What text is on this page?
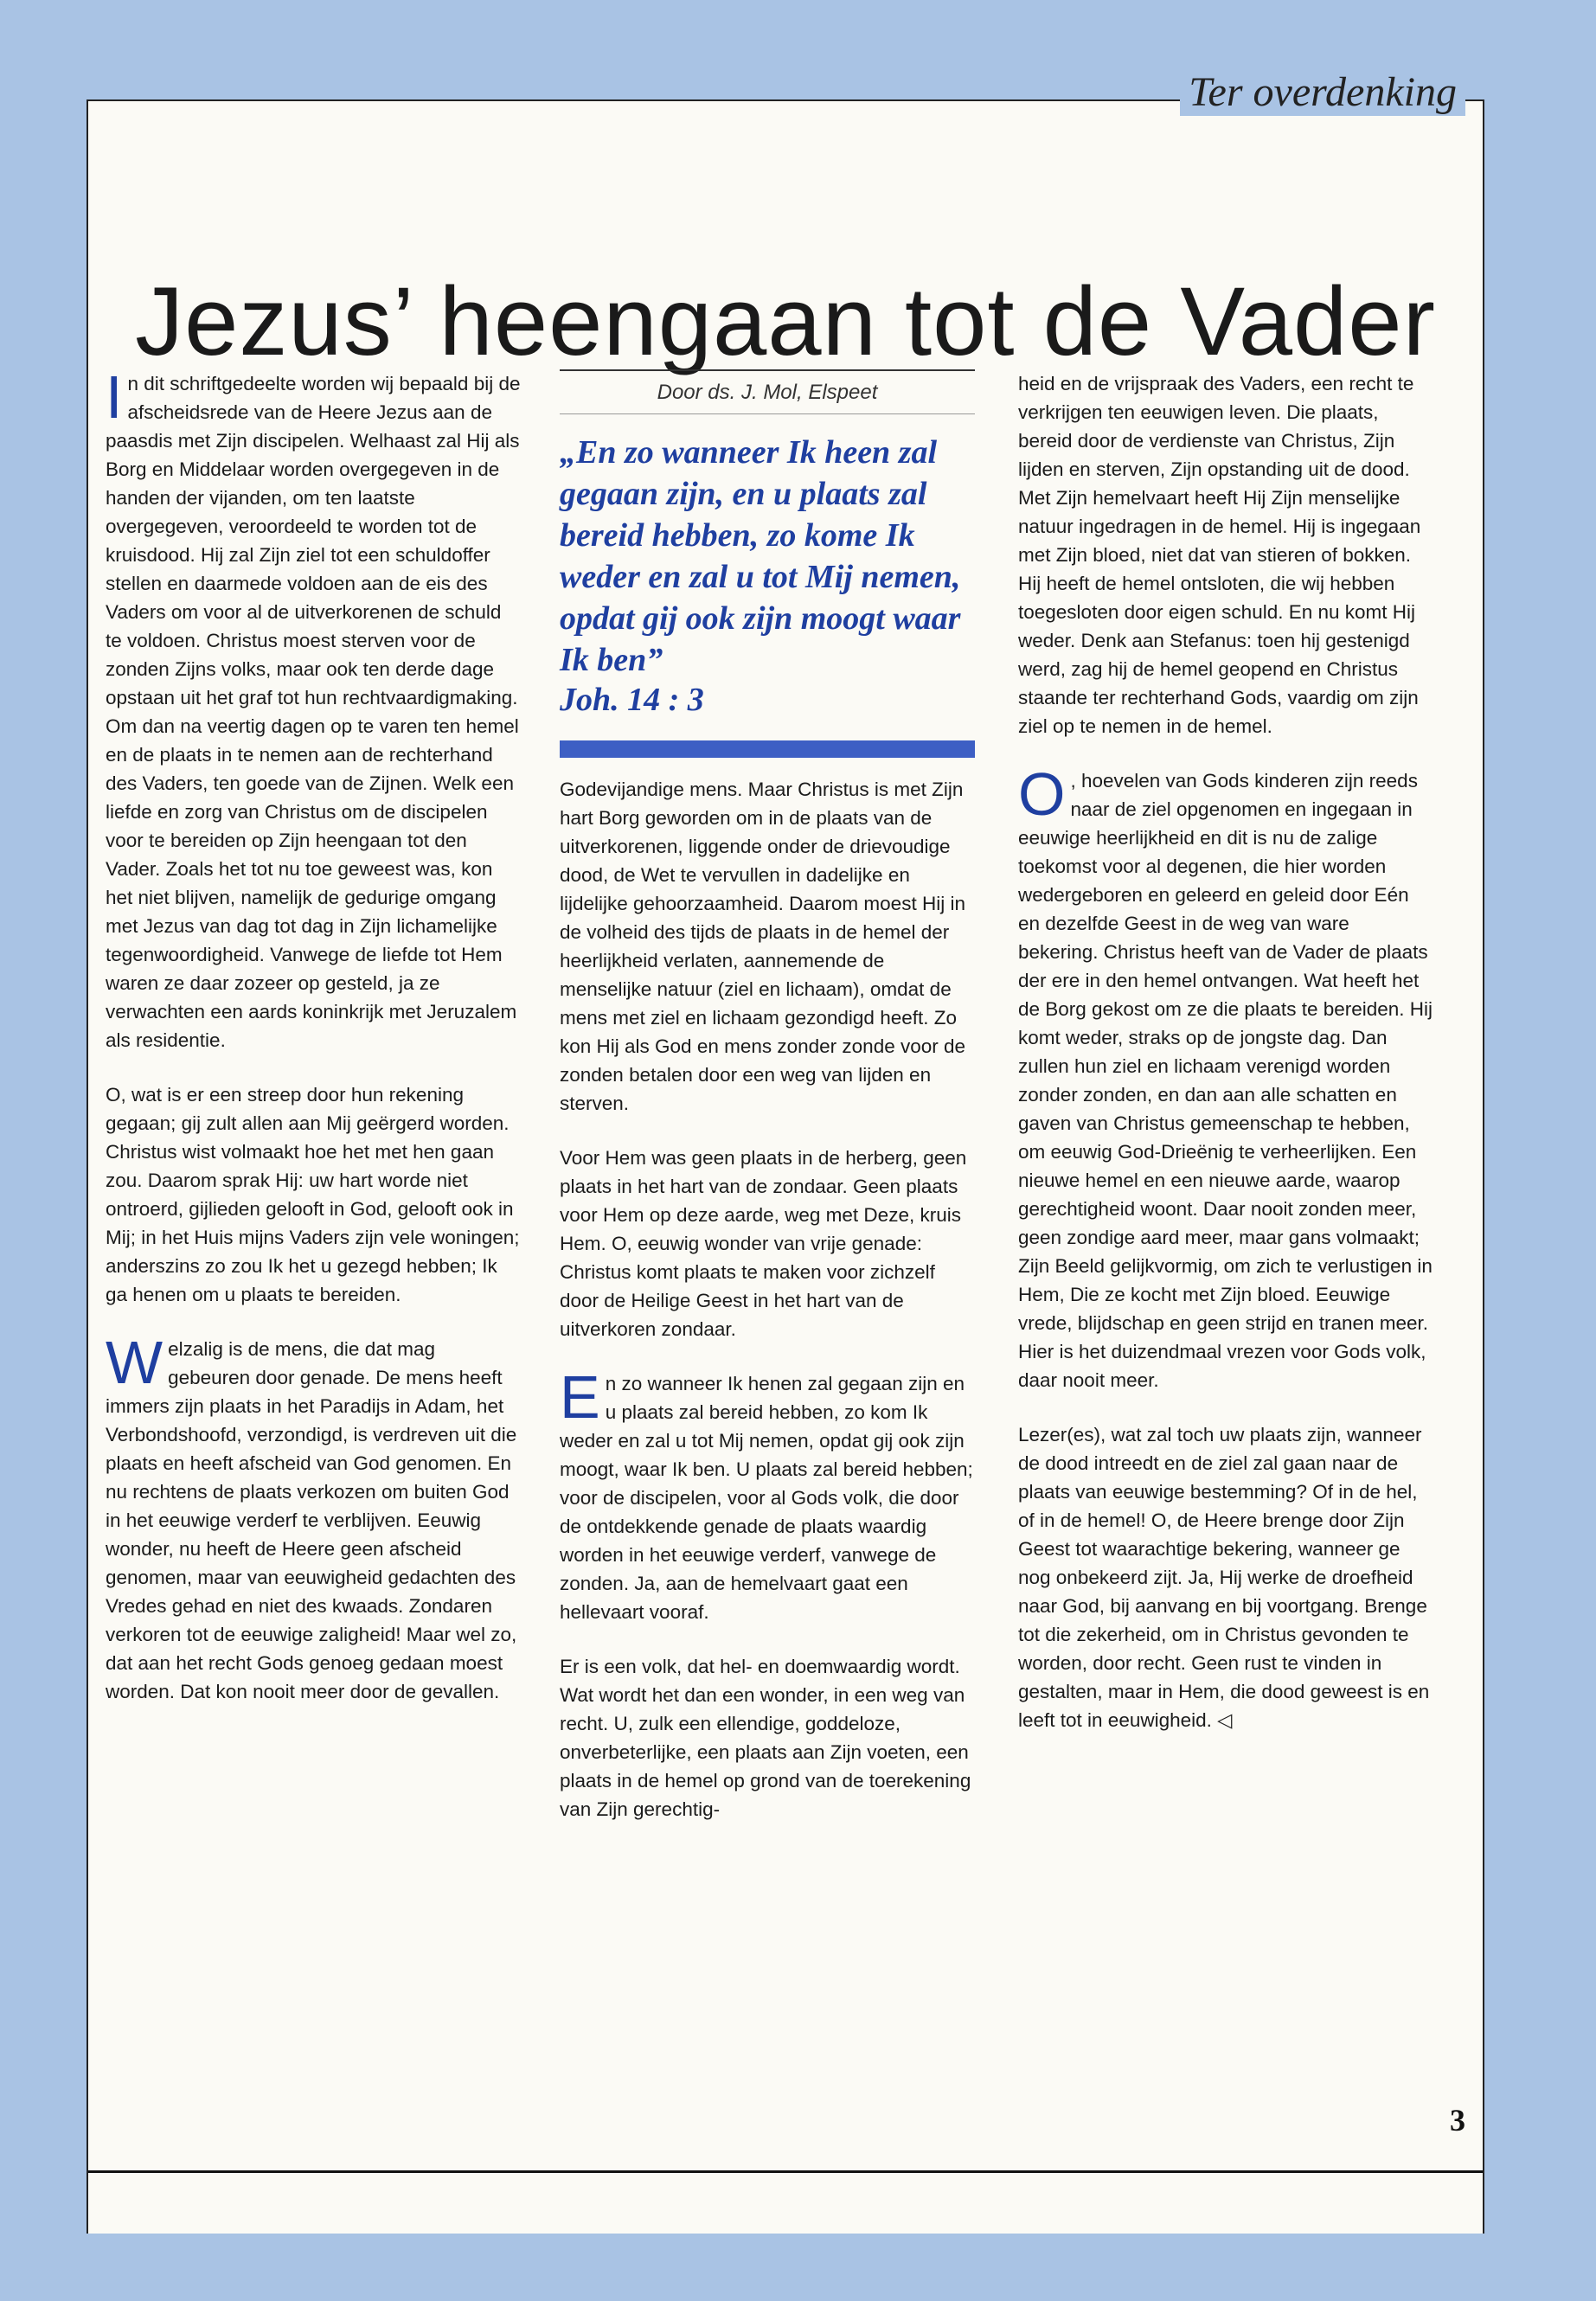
Ter overdenking
Jezus’ heengaan tot de Vader

In dit schriftgedeelte worden wij bepaald bij de afscheidsrede van de Heere Jezus aan de paasdis met Zijn discipelen. Welhaast zal Hij als Borg en Middelaar worden overgegeven in de handen der vijanden, om ten laatste overgegeven, veroordeeld te worden tot de kruisdood. Hij zal Zijn ziel tot een schuldoffer stellen en daarmede voldoen aan de eis des Vaders om voor al de uitverkorenen de schuld te voldoen. Christus moest sterven voor de zonden Zijns volks, maar ook ten derde dage opstaan uit het graf tot hun rechtvaardigmaking. Om dan na veertig dagen op te varen ten hemel en de plaats in te nemen aan de rechterhand des Vaders, ten goede van de Zijnen. Welk een liefde en zorg van Christus om de discipelen voor te bereiden op Zijn heengaan tot den Vader. Zoals het tot nu toe geweest was, kon het niet blijven, namelijk de gedurige omgang met Jezus van dag tot dag in Zijn lichamelijke tegenwoordigheid. Vanwege de liefde tot Hem waren ze daar zozeer op gesteld, ja ze verwachten een aards koninkrijk met Jeruzalem als residentie.

O, wat is er een streep door hun rekening gegaan; gij zult allen aan Mij geërgerd worden. Christus wist volmaakt hoe het met hen gaan zou. Daarom sprak Hij: uw hart worde niet ontroerd, gijlieden gelooft in God, gelooft ook in Mij; in het Huis mijns Vaders zijn vele woningen; anderszins zo zou Ik het u gezegd hebben; Ik ga henen om u plaats te bereiden.

Welzalig is de mens, die dat mag gebeuren door genade. De mens heeft immers zijn plaats in het Paradijs in Adam, het Verbondshoofd, verzondigd, is verdreven uit die plaats en heeft afscheid van God genomen. En nu rechtens de plaats verkozen om buiten God in het eeuwige verderf te verblijven. Eeuwig wonder, nu heeft de Heere geen afscheid genomen, maar van eeuwigheid gedachten des Vredes gehad en niet des kwaads. Zondaren verkoren tot de eeuwige zaligheid! Maar wel zo, dat aan het recht Gods genoeg gedaan moest worden. Dat kon nooit meer door de gevallen.

Door ds. J. Mol, Elspeet
„En zo wanneer Ik heen zal gegaan zijn, en u plaats zal bereid hebben, zo kome Ik weder en zal u tot Mij nemen, opdat gij ook zijn moogt waar Ik ben”
Joh. 14 : 3

Godevijandige mens. Maar Christus is met Zijn hart Borg geworden om in de plaats van de uitverkorenen, liggende onder de drievoudige dood, de Wet te vervullen in dadelijke en lijdelijke gehoorzaamheid. Daarom moest Hij in de volheid des tijds de plaats in de hemel der heerlijkheid verlaten, aannemende de menselijke natuur (ziel en lichaam), omdat de mens met ziel en lichaam gezondigd heeft. Zo kon Hij als God en mens zonder zonde voor de zonden betalen door een weg van lijden en sterven.

Voor Hem was geen plaats in de herberg, geen plaats in het hart van de zondaar. Geen plaats voor Hem op deze aarde, weg met Deze, kruis Hem. O, eeuwig wonder van vrije genade: Christus komt plaats te maken voor zichzelf door de Heilige Geest in het hart van de uitverkoren zondaar.

En zo wanneer Ik henen zal gegaan zijn en u plaats zal bereid hebben, zo kom Ik weder en zal u tot Mij nemen, opdat gij ook zijn moogt, waar Ik ben. U plaats zal bereid hebben; voor de discipelen, voor al Gods volk, die door de ontdekkende genade de plaats waardig worden in het eeuwige verderf, vanwege de zonden. Ja, aan de hemelvaart gaat een hellevaart vooraf.

Er is een volk, dat hel- en doemwaardig wordt. Wat wordt het dan een wonder, in een weg van recht. U, zulk een ellendige, goddeloze, onverbeterlijke, een plaats aan Zijn voeten, een plaats in de hemel op grond van de toerekening van Zijn gerechtig-

heid en de vrijspraak des Vaders, een recht te verkrijgen ten eeuwigen leven. Die plaats, bereid door de verdienste van Christus, Zijn lijden en sterven, Zijn opstanding uit de dood. Met Zijn hemelvaart heeft Hij Zijn menselijke natuur ingedragen in de hemel. Hij is ingegaan met Zijn bloed, niet dat van stieren of bokken. Hij heeft de hemel ontsloten, die wij hebben toegesloten door eigen schuld. En nu komt Hij weder. Denk aan Stefanus: toen hij gestenigd werd, zag hij de hemel geopend en Christus staande ter rechterhand Gods, vaardig om zijn ziel op te nemen in de hemel.

O , hoevelen van Gods kinderen zijn reeds naar de ziel opgenomen en ingegaan in eeuwige heerlijkheid en dit is nu de zalige toekomst voor al degenen, die hier worden wedergeboren en geleerd en geleid door Eén en dezelfde Geest in de weg van ware bekering. Christus heeft van de Vader de plaats der ere in den hemel ontvangen. Wat heeft het de Borg gekost om ze die plaats te bereiden. Hij komt weder, straks op de jongste dag. Dan zullen hun ziel en lichaam verenigd worden zonder zonden, en dan aan alle schatten en gaven van Christus gemeenschap te hebben, om eeuwig God-Drieënig te verheerlijken. Een nieuwe hemel en een nieuwe aarde, waarop gerechtigheid woont. Daar nooit zonden meer, geen zondige aard meer, maar gans volmaakt; Zijn Beeld gelijkvormig, om zich te verlustigen in Hem, Die ze kocht met Zijn bloed. Eeuwige vrede, blijdschap en geen strijd en tranen meer. Hier is het duizendmaal vrezen voor Gods volk, daar nooit meer.

Lezer(es), wat zal toch uw plaats zijn, wanneer de dood intreedt en de ziel zal gaan naar de plaats van eeuwige bestemming? Of in de hel, of in de hemel! O, de Heere brenge door Zijn Geest tot waarachtige bekering, wanneer ge nog onbekeerd zijt. Ja, Hij werke de droefheid naar God, bij aanvang en bij voortgang. Brenge tot die zekerheid, om in Christus gevonden te worden, door recht. Geen rust te vinden in gestalten, maar in Hem, die dood geweest is en leeft tot in eeuwigheid. ◁

3
